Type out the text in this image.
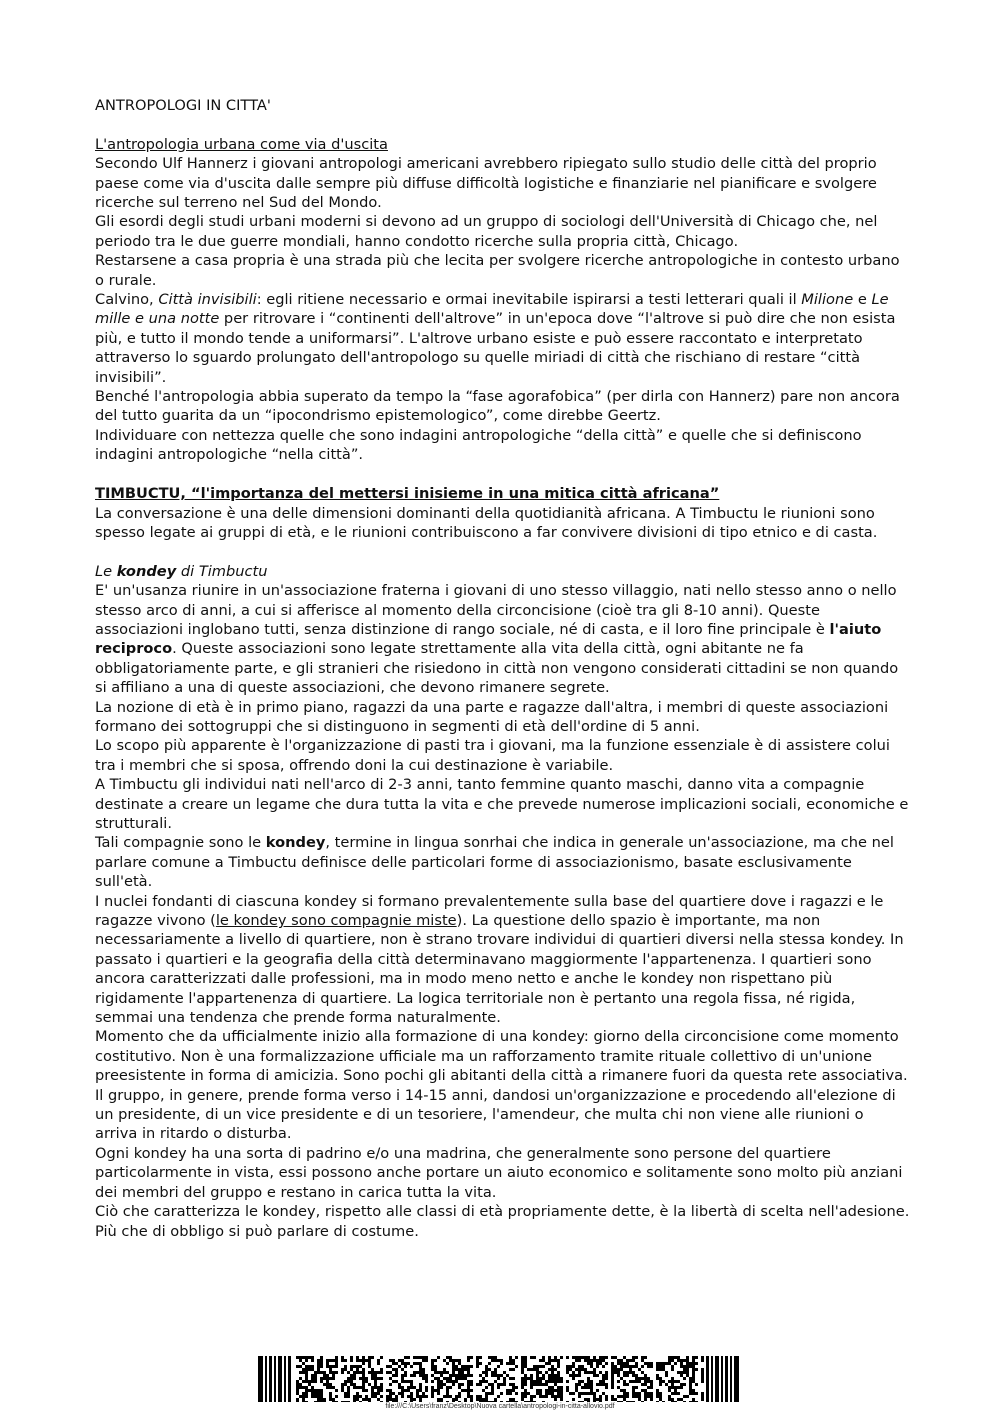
ANTROPOLOGI IN CITTA'

L'antropologia urbana come via d'uscita

Secondo Ulf Hannerz i giovani antropologi americani avrebbero ripiegato sullo studio delle città del proprio paese come via d'uscita dalle sempre più diffuse difficoltà logistiche e finanziarie nel pianificare e svolgere ricerche sul terreno nel Sud del Mondo.

Gli esordi degli studi urbani moderni si devono ad un gruppo di sociologi dell'Università di Chicago che, nel periodo tra le due guerre mondiali, hanno condotto ricerche sulla propria città, Chicago.

Restarsene a casa propria è una strada più che lecita per svolgere ricerche antropologiche in contesto urbano o rurale.

Calvino, Città invisibili: egli ritiene necessario e ormai inevitabile ispirarsi a testi letterari quali il Milione e Le mille e una notte per ritrovare i “continenti dell'altrove” in un'epoca dove “l'altrove si può dire che non esista più, e tutto il mondo tende a uniformarsi”. L'altrove urbano esiste e può essere raccontato e interpretato attraverso lo sguardo prolungato dell'antropologo su quelle miriadi di città che rischiano di restare “città invisibili”.

Benché l'antropologia abbia superato da tempo la “fase agorafobica” (per dirla con Hannerz) pare non ancora del tutto guarita da un “ipocondrismo epistemologico”, come direbbe Geertz.

Individuare con nettezza quelle che sono indagini antropologiche “della città” e quelle che si definiscono indagini antropologiche “nella città”.

TIMBUCTU, “l'importanza del mettersi inisieme in una mitica città africana”

La conversazione è una delle dimensioni dominanti della quotidianità africana. A Timbuctu le riunioni sono spesso legate ai gruppi di età, e le riunioni contribuiscono a far convivere divisioni di tipo etnico e di casta.

Le kondey di Timbuctu

E' un'usanza riunire in un'associazione fraterna i giovani di uno stesso villaggio, nati nello stesso anno o nello stesso arco di anni, a cui si afferisce al momento della circoncisione (cioè tra gli 8-10 anni). Queste associazioni inglobano tutti, senza distinzione di rango sociale, né di casta, e il loro fine principale è l'aiuto reciproco. Queste associazioni sono legate strettamente alla vita della città, ogni abitante ne fa obbligatoriamente parte, e gli stranieri che risiedono in città non vengono considerati cittadini se non quando si affiliano a una di queste associazioni, che devono rimanere segrete.

La nozione di età è in primo piano, ragazzi da una parte e ragazze dall'altra, i membri di queste associazioni formano dei sottogruppi che si distinguono in segmenti di età dell'ordine di 5 anni.

Lo scopo più apparente è l'organizzazione di pasti tra i giovani, ma la funzione essenziale è di assistere colui tra i membri che si sposa, offrendo doni la cui destinazione è variabile.

A Timbuctu gli individui nati nell'arco di 2-3 anni, tanto femmine quanto maschi, danno vita a compagnie destinate a creare un legame che dura tutta la vita e che prevede numerose implicazioni sociali, economiche e strutturali.

Tali compagnie sono le kondey, termine in lingua sonrhai che indica in generale un'associazione, ma che nel parlare comune a Timbuctu definisce delle particolari forme di associazionismo, basate esclusivamente sull'età.

I nuclei fondanti di ciascuna kondey si formano prevalentemente sulla base del quartiere dove i ragazzi e le ragazze vivono (le kondey sono compagnie miste). La questione dello spazio è importante, ma non necessariamente a livello di quartiere, non è strano trovare individui di quartieri diversi nella stessa kondey. In passato i quartieri e la geografia della città determinavano maggiormente l'appartenenza. I quartieri sono ancora caratterizzati dalle professioni, ma in modo meno netto e anche le kondey non rispettano più rigidamente l'appartenenza di quartiere. La logica territoriale non è pertanto una regola fissa, né rigida, semmai una tendenza che prende forma naturalmente.

Momento che da ufficialmente inizio alla formazione di una kondey: giorno della circoncisione come momento costitutivo. Non è una formalizzazione ufficiale ma un rafforzamento tramite rituale collettivo di un'unione preesistente in forma di amicizia. Sono pochi gli abitanti della città a rimanere fuori da questa rete associativa.

Il gruppo, in genere, prende forma verso i 14-15 anni, dandosi un'organizzazione e procedendo all'elezione di un presidente, di un vice presidente e di un tesoriere, l'amendeur, che multa chi non viene alle riunioni o arriva in ritardo o disturba.

Ogni kondey ha una sorta di padrino e/o una madrina, che generalmente sono persone del quartiere particolarmente in vista, essi possono anche portare un aiuto economico e solitamente sono molto più anziani dei membri del gruppo e restano in carica tutta la vita.

Ciò che caratterizza le kondey, rispetto alle classi di età propriamente dette, è la libertà di scelta nell'adesione. Più che di obbligo si può parlare di costume.

file:///C:\Users\franz\Desktop\Nuova cartella\antropologi-in-citta-allovio.pdf
